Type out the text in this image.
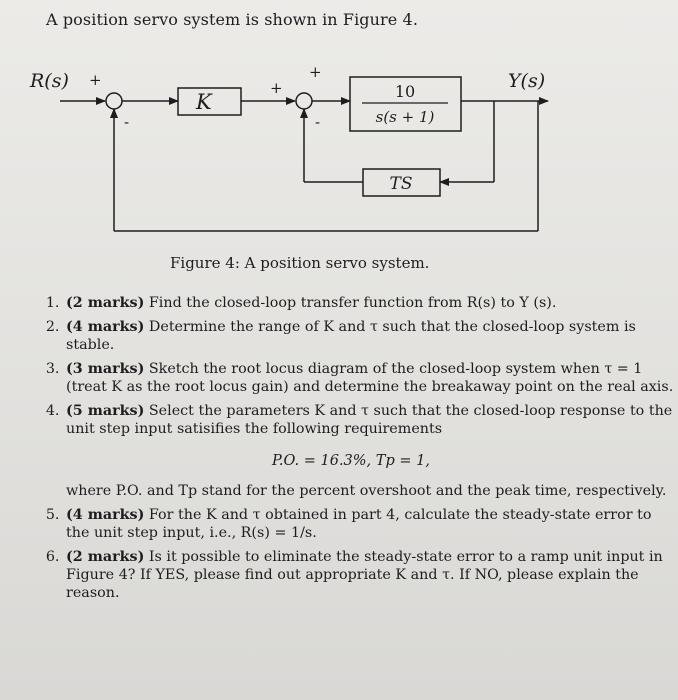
A position servo system is shown in Figure 4.
R(s) +
-
K
+
+
-
10
s(s + 1)
Y(s)
TS
Figure 4: A position servo system.
1. (2 marks) Find the closed-loop transfer function from R(s) to Y (s).
2. (4 marks) Determine the range of K and τ such that the closed-loop system is stable.
3. (3 marks) Sketch the root locus diagram of the closed-loop system when τ = 1 (treat K as the root locus gain) and determine the breakaway point on the real axis.
4. (5 marks) Select the parameters K and τ such that the closed-loop response to the unit step input satisifies the following requirements
P.O. = 16.3%, Tp = 1,
where P.O. and Tp stand for the percent overshoot and the peak time, respectively.
5. (4 marks) For the K and τ obtained in part 4, calculate the steady-state error to the unit step input, i.e., R(s) = 1/s.
6. (2 marks) Is it possible to eliminate the steady-state error to a ramp unit input in Figure 4? If YES, please find out appropriate K and τ. If NO, please explain the reason.
